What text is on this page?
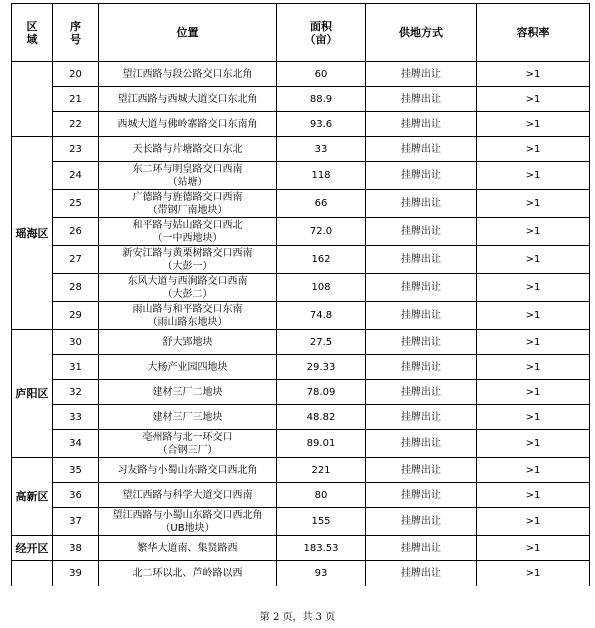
区
域	序
号	位置	面积
（亩）	供地方式	容积率
	20	望江西路与段公路交口东北角	60	挂牌出让	>1
	21	望江西路与西城大道交口东北角	88.9	挂牌出让	>1
	22	西城大道与佛岭寨路交口东南角	93.6	挂牌出让	>1
瑶海区	23	天长路与片塘路交口东北	33	挂牌出让	>1
	24	东二环与明皇路交口西南
（站塘）	118	挂牌出让	>1
	25	广德路与旌德路交口西南
（带钢厂南地块）	66	挂牌出让	>1
	26	和平路与姑山路交口西北
（一中西地块）	72.0	挂牌出让	>1
	27	新安江路与黄栗树路交口西南
（大彭一）	162	挂牌出让	>1
	28	东风大道与西涧路交口西南
（大彭二）	108	挂牌出让	>1
	29	雨山路与和平路交口东南
（雨山路东地块）	74.8	挂牌出让	>1
庐阳区	30	舒大郢地块	27.5	挂牌出让	>1
	31	大杨产业园四地块	29.33	挂牌出让	>1
	32	建材三厂二地块	78.09	挂牌出让	>1
	33	建材三厂三地块	48.82	挂牌出让	>1
	34	亳州路与北一环交口
（合钢三厂）	89.01	挂牌出让	>1
高新区	35	习友路与小蜀山东路交口西北角	221	挂牌出让	>1
	36	望江西路与科学大道交口西南	80	挂牌出让	>1
	37	望江西路与小蜀山东路交口西北角
（UB地块）	155	挂牌出让	>1
经开区	38	繁华大道南、集贤路西	183.53	挂牌出让	>1
	39	北二环以北、芦岭路以西	93	挂牌出让	>1
第 2 页，共 3 页
